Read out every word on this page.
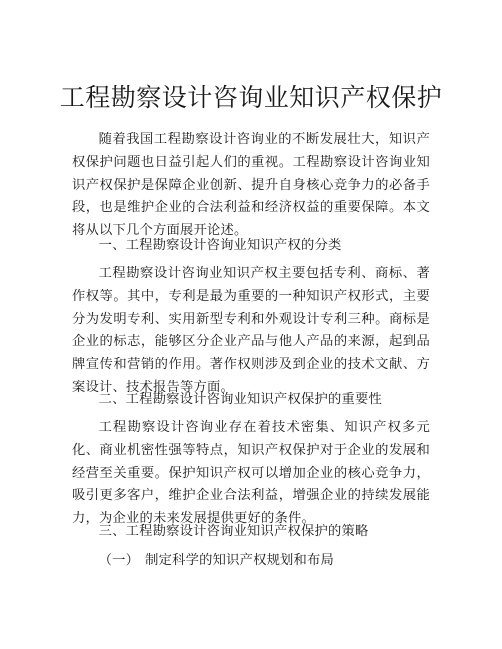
工程勘察设计咨询业知识产权保护

随着我国工程勘察设计咨询业的不断发展壮大，知识产权保护问题也日益引起人们的重视。工程勘察设计咨询业知识产权保护是保障企业创新、提升自身核心竞争力的必备手段，也是维护企业的合法利益和经济权益的重要保障。本文将从以下几个方面展开论述。

一、工程勘察设计咨询业知识产权的分类

工程勘察设计咨询业知识产权主要包括专利、商标、著作权等。其中，专利是最为重要的一种知识产权形式，主要分为发明专利、实用新型专利和外观设计专利三种。商标是企业的标志，能够区分企业产品与他人产品的来源，起到品牌宣传和营销的作用。著作权则涉及到企业的技术文献、方案设计、技术报告等方面。

二、工程勘察设计咨询业知识产权保护的重要性

工程勘察设计咨询业存在着技术密集、知识产权多元化、商业机密性强等特点，知识产权保护对于企业的发展和经营至关重要。保护知识产权可以增加企业的核心竞争力，吸引更多客户，维护企业合法利益，增强企业的持续发展能力，为企业的未来发展提供更好的条件。

三、工程勘察设计咨询业知识产权保护的策略

（一） 制定科学的知识产权规划和布局
